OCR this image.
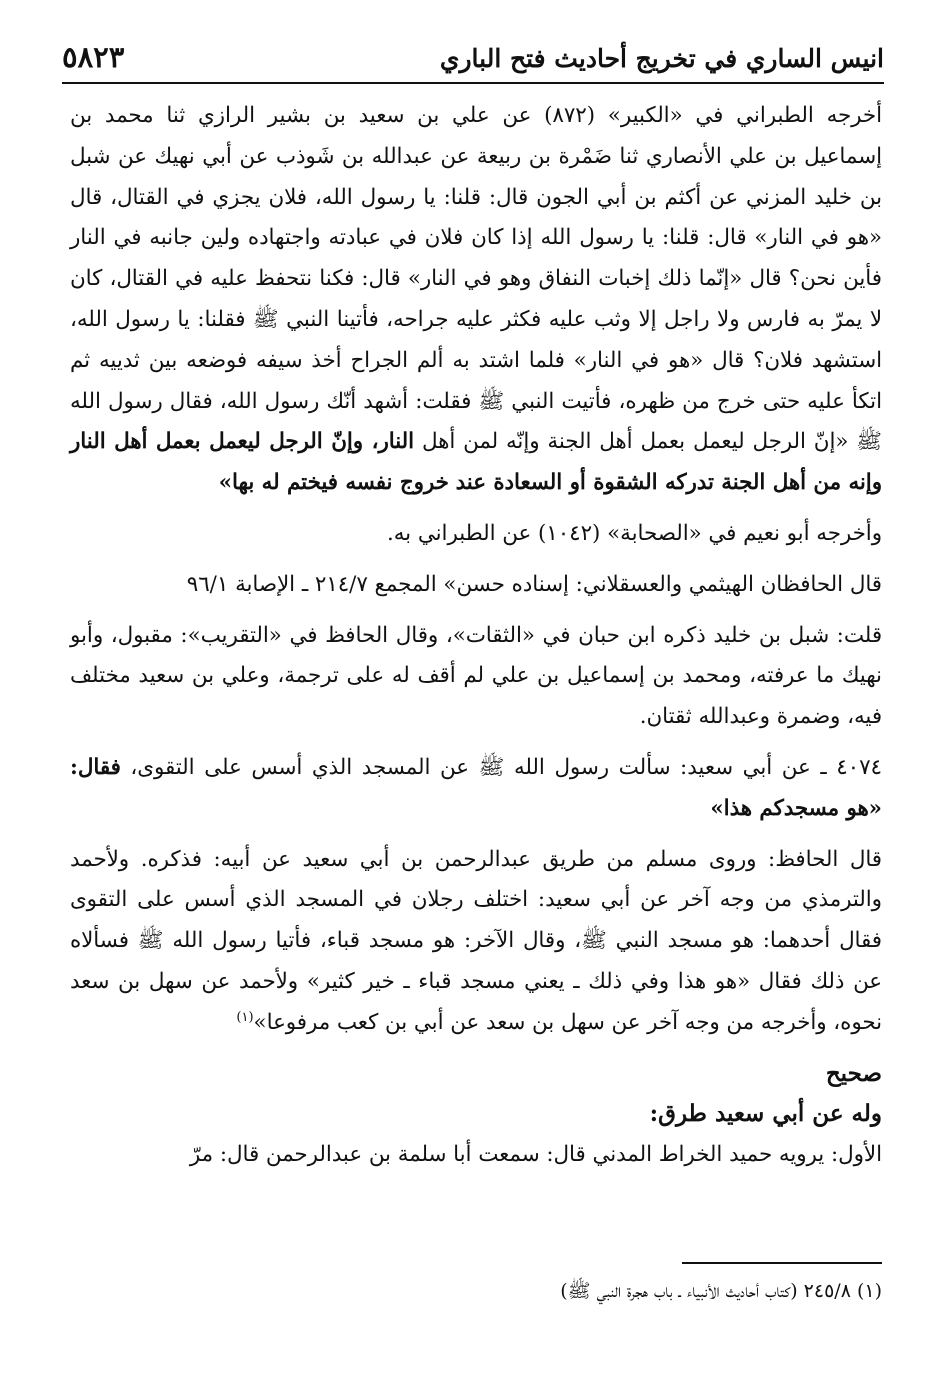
انيس الساري في تخريج أحاديث فتح الباري
٥٨٢٣

أخرجه الطبراني في «الكبير» (٨٧٢) عن علي بن سعيد بن بشير الرازي ثنا محمد بن إسماعيل بن علي الأنصاري ثنا ضَمْرة بن ربيعة عن عبدالله بن شَوذب عن أبي نهيك عن شبل بن خليد المزني عن أكثم بن أبي الجون قال: قلنا: يا رسول الله، فلان يجزي في القتال، قال «هو في النار» قال: قلنا: يا رسول الله إذا كان فلان في عبادته واجتهاده ولين جانبه في النار فأين نحن؟ قال «إنّما ذلك إخبات النفاق وهو في النار» قال: فكنا نتحفظ عليه في القتال، كان لا يمرّ به فارس ولا راجل إلا وثب عليه فكثر عليه جراحه، فأتينا النبي ﷺ فقلنا: يا رسول الله، استشهد فلان؟ قال «هو في النار» فلما اشتد به ألم الجراح أخذ سيفه فوضعه بين ثدييه ثم اتكأ عليه حتى خرج من ظهره، فأتيت النبي ﷺ فقلت: أشهد أنّك رسول الله، فقال رسول الله ﷺ «إنّ الرجل ليعمل بعمل أهل الجنة وإنّه لمن أهل النار، وإنّ الرجل ليعمل بعمل أهل النار وإنه من أهل الجنة تدركه الشقوة أو السعادة عند خروج نفسه فيختم له بها»

وأخرجه أبو نعيم في «الصحابة» (١٠٤٢) عن الطبراني به.

قال الحافظان الهيثمي والعسقلاني: إسناده حسن» المجمع ٢١٤/٧ ـ الإصابة ٩٦/١

قلت: شبل بن خليد ذكره ابن حبان في «الثقات»، وقال الحافظ في «التقريب»: مقبول، وأبو نهيك ما عرفته، ومحمد بن إسماعيل بن علي لم أقف له على ترجمة، وعلي بن سعيد مختلف فيه، وضمرة وعبدالله ثقتان.

٤٠٧٤ ـ عن أبي سعيد: سألت رسول الله ﷺ عن المسجد الذي أسس على التقوى، فقال: «هو مسجدكم هذا»

قال الحافظ: وروى مسلم من طريق عبدالرحمن بن أبي سعيد عن أبيه: فذكره. ولأحمد والترمذي من وجه آخر عن أبي سعيد: اختلف رجلان في المسجد الذي أسس على التقوى فقال أحدهما: هو مسجد النبي ﷺ، وقال الآخر: هو مسجد قباء، فأتيا رسول الله ﷺ فسألاه عن ذلك فقال «هو هذا وفي ذلك ـ يعني مسجد قباء ـ خير كثير» ولأحمد عن سهل بن سعد نحوه، وأخرجه من وجه آخر عن سهل بن سعد عن أبي بن كعب مرفوعا»$^{(١)}$

صحيح

وله عن أبي سعيد طرق:

الأول: يرويه حميد الخراط المدني قال: سمعت أبا سلمة بن عبدالرحمن قال: مرّ

(١) ٢٤٥/٨ (كتاب أحاديث الأنبياء ـ باب هجرة النبي ﷺ)
